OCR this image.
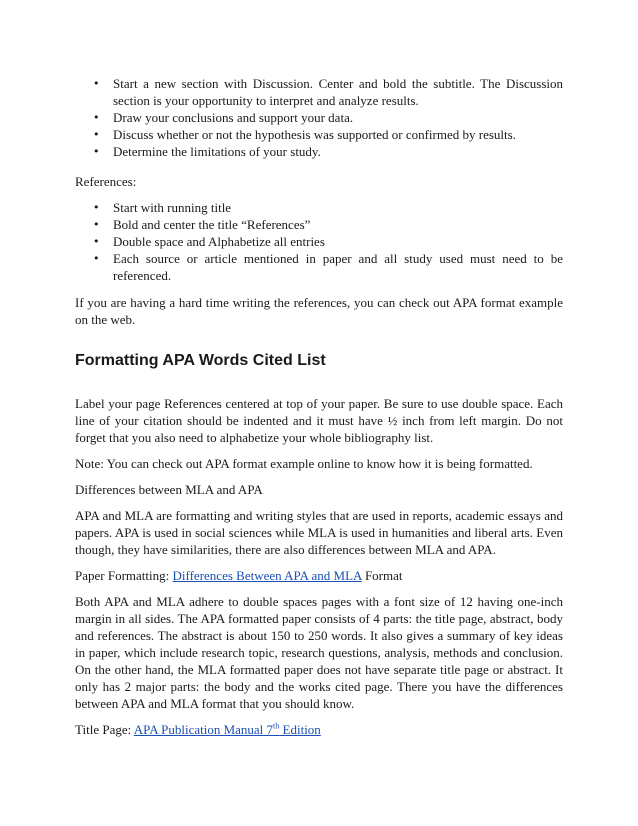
• Start a new section with Discussion. Center and bold the subtitle. The Discussion section is your opportunity to interpret and analyze results.
• Draw your conclusions and support your data.
• Discuss whether or not the hypothesis was supported or confirmed by results.
• Determine the limitations of your study.

References:

• Start with running title
• Bold and center the title “References”
• Double space and Alphabetize all entries
• Each source or article mentioned in paper and all study used must need to be referenced.

If you are having a hard time writing the references, you can check out APA format example on the web.

Formatting APA Words Cited List

Label your page References centered at top of your paper. Be sure to use double space. Each line of your citation should be indented and it must have ½ inch from left margin. Do not forget that you also need to alphabetize your whole bibliography list.

Note: You can check out APA format example online to know how it is being formatted.

Differences between MLA and APA

APA and MLA are formatting and writing styles that are used in reports, academic essays and papers. APA is used in social sciences while MLA is used in humanities and liberal arts. Even though, they have similarities, there are also differences between MLA and APA.

Paper Formatting: Differences Between APA and MLA Format

Both APA and MLA adhere to double spaces pages with a font size of 12 having one-inch margin in all sides. The APA formatted paper consists of 4 parts: the title page, abstract, body and references. The abstract is about 150 to 250 words. It also gives a summary of key ideas in paper, which include research topic, research questions, analysis, methods and conclusion. On the other hand, the MLA formatted paper does not have separate title page or abstract. It only has 2 major parts: the body and the works cited page. There you have the differences between APA and MLA format that you should know.

Title Page: APA Publication Manual 7th Edition
